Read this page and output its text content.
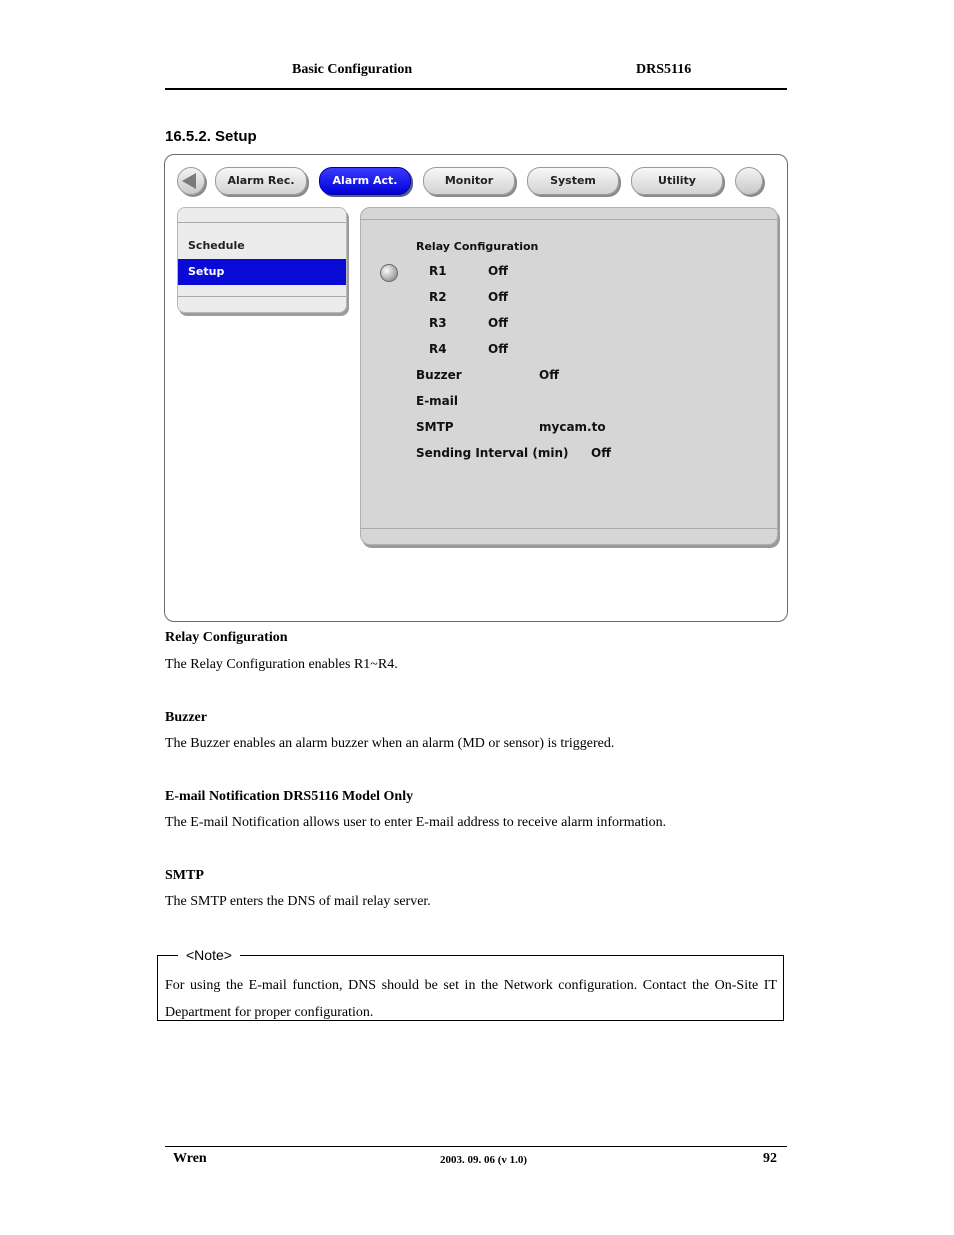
Basic Configuration	DRS5116
16.5.2. Setup
Alarm Rec.	Alarm Act.	Monitor	System	Utility
Schedule
Setup
Relay Configuration
R1	Off
R2	Off
R3	Off
R4	Off
Buzzer	Off
E-mail
SMTP	mycam.to
Sending Interval (min) Off
Relay Configuration
The Relay Configuration enables R1~R4.
Buzzer
The Buzzer enables an alarm buzzer when an alarm (MD or sensor) is triggered.
E-mail Notification DRS5116 Model Only
The E-mail Notification allows user to enter E-mail address to receive alarm information.
SMTP
The SMTP enters the DNS of mail relay server.
<Note>
For using the E-mail function, DNS should be set in the Network configuration. Contact the On-Site IT Department for proper configuration.
Wren	2003. 09. 06 (v 1.0)	92
